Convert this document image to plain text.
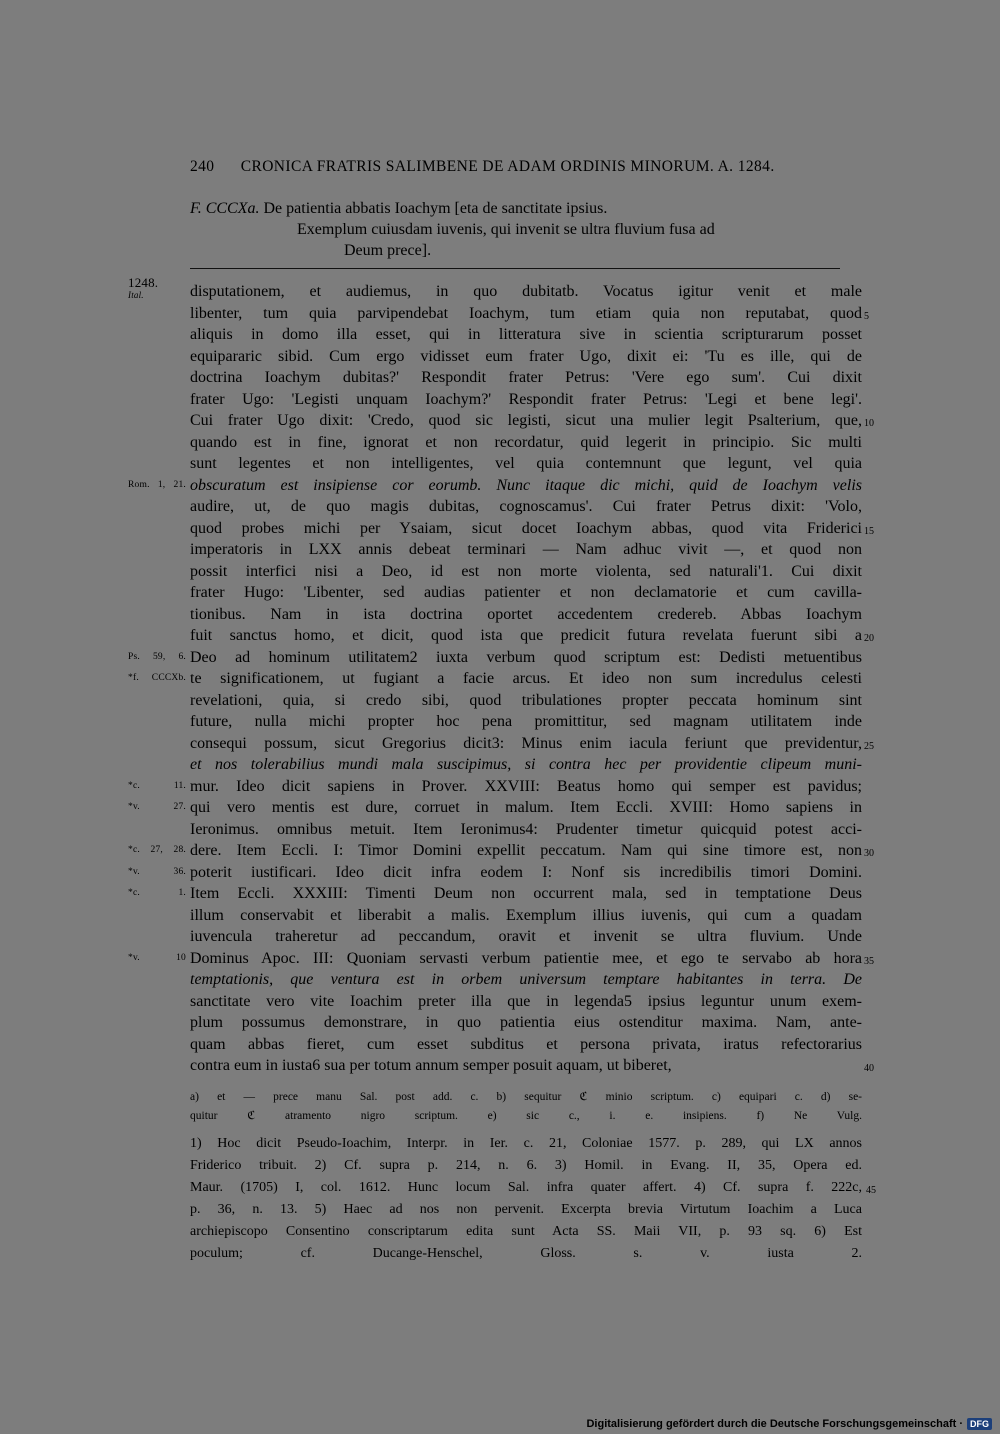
240 CRONICA FRATRIS SALIMBENE DE ADAM ORDINIS MINORUM. A. 1284.
F. CCCXa. De patientia abbatis Ioachym [eta de sanctitate ipsius.
Exemplum cuiusdam iuvenis, qui invenit se ultra fluvium fusa ad
Deum prece].
1248.
Ital.	disputationem, et audiemus, in quo dubitatb. Vocatus igitur venit et male
libenter, tum quia parvipendebat Ioachym, tum etiam quia non reputabat, quod 5
aliquis in domo illa esset, qui in litteratura sive in scientia scripturarum posset
equipararic sibid. Cum ergo vidisset eum frater Ugo, dixit ei: 'Tu es ille, qui de
doctrina Ioachym dubitas?' Respondit frater Petrus: 'Vere ego sum'. Cui dixit
frater Ugo: 'Legisti unquam Ioachym?' Respondit frater Petrus: 'Legi et bene legi'.
Cui frater Ugo dixit: 'Credo, quod sic legisti, sicut una mulier legit Psalterium, que, 10
quando est in fine, ignorat et non recordatur, quid legerit in principio. Sic multi
sunt legentes et non intelligentes, vel quia contemnunt que legunt, vel quia
Rom. 1, 21. obscuratum est insipiense cor eorumb. Nunc itaque dic michi, quid de Ioachym velis
audire, ut, de quo magis dubitas, cognoscamus'. Cui frater Petrus dixit: 'Volo,
quod probes michi per Ysaiam, sicut docet Ioachym abbas, quod vita Friderici 15
imperatoris in LXX annis debeat terminari — Nam adhuc vivit —, et quod non
possit interfici nisi a Deo, id est non morte violenta, sed naturali'1. Cui dixit
frater Hugo: 'Libenter, sed audias patienter et non declamatorie et cum cavilla-
tionibus. Nam in ista doctrina oportet accedentem credereb. Abbas Ioachym
fuit sanctus homo, et dicit, quod ista que predicit futura revelata fuerunt sibi a 20
Ps. 59, 6. Deo ad hominum utilitatem2 iuxta verbum quod scriptum est: Dedisti metuentibus
*f. CCCXb. te significationem, ut fugiant a facie arcus. Et ideo non sum incredulus celesti
revelationi, quia, si credo sibi, quod tribulationes propter peccata hominum sint
future, nulla michi propter hoc pena promittitur, sed magnam utilitatem inde
consequi possum, sicut Gregorius dicit3: Minus enim iacula feriunt que previdentur, 25
et nos tolerabilius mundi mala suscipimus, si contra hec per providentie clipeum muni-
*c. 11. mur. Ideo dicit sapiens in Prover. XXVIII: Beatus homo qui semper est pavidus;
*v. 27. qui vero mentis est dure, corruet in malum. Item Eccli. XVIII: Homo sapiens in
Ieronimus. omnibus metuit. Item Ieronimus4: Prudenter timetur quicquid potest acci-
*c. 27, 28. dere. Item Eccli. I: Timor Domini expellit peccatum. Nam qui sine timore est, non 30
*v. 36. poterit iustificari. Ideo dicit infra eodem I: Nonf sis incredibilis timori Domini.
*c. 1. Item Eccli. XXXIII: Timenti Deum non occurrent mala, sed in temptatione Deus
illum conservabit et liberabit a malis. Exemplum illius iuvenis, qui cum a quadam
iuvencula traheretur ad peccandum, oravit et invenit se ultra fluvium. Unde
*v. 10 Dominus Apoc. III: Quoniam servasti verbum patientie mee, et ego te servabo ab hora 35
temptationis, que ventura est in orbem universum temptare habitantes in terra. De
sanctitate vero vite Ioachim preter illa que in legenda5 ipsius leguntur unum exem-
plum possumus demonstrare, in quo patientia eius ostenditur maxima. Nam, ante-
quam abbas fieret, cum esset subditus et persona privata, iratus refectorarius
contra eum in iusta6 sua per totum annum semper posuit aquam, ut biberet,	40
a) et — prece manu Sal. post add. c. b) sequitur ℭ minio scriptum. c) equipari c. d) se-
quitur ℭ atramento nigro scriptum. e) sic c., i. e. insipiens. f) Ne Vulg.
1) Hoc dicit Pseudo-Ioachim, Interpr. in Ier. c. 21, Coloniae 1577. p. 289, qui LX annos
Friderico tribuit. 2) Cf. supra p. 214, n. 6. 3) Homil. in Evang. II, 35, Opera ed.
Maur. (1705) I, col. 1612. Hunc locum Sal. infra quater affert. 4) Cf. supra f. 222c, 45
p. 36, n. 13. 5) Haec ad nos non pervenit. Excerpta brevia Virtutum Ioachim a Luca
archiepiscopo Consentino conscriptarum edita sunt Acta SS. Maii VII, p. 93 sq. 6) Est
poculum; cf. Ducange-Henschel, Gloss. s. v. iusta 2.
Digitalisierung gefördert durch die Deutsche Forschungsgemeinschaft · DFG
